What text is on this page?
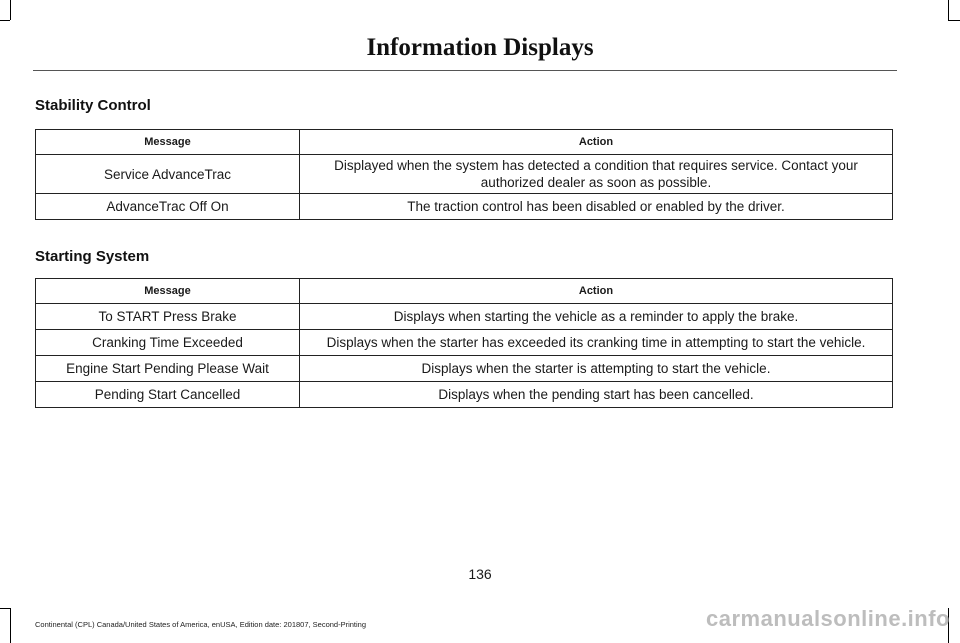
Information Displays
Stability Control
Message	Action
Service AdvanceTrac	Displayed when the system has detected a condition that requires service. Contact your authorized dealer as soon as possible.
AdvanceTrac Off On	The traction control has been disabled or enabled by the driver.
Starting System
Message	Action
To START Press Brake	Displays when starting the vehicle as a reminder to apply the brake.
Cranking Time Exceeded	Displays when the starter has exceeded its cranking time in attempting to start the vehicle.
Engine Start Pending Please Wait	Displays when the starter is attempting to start the vehicle.
Pending Start Cancelled	Displays when the pending start has been cancelled.
136
Continental (CPL) Canada/United States of America, enUSA, Edition date: 201807, Second-Printing	carmanualsonline.info
